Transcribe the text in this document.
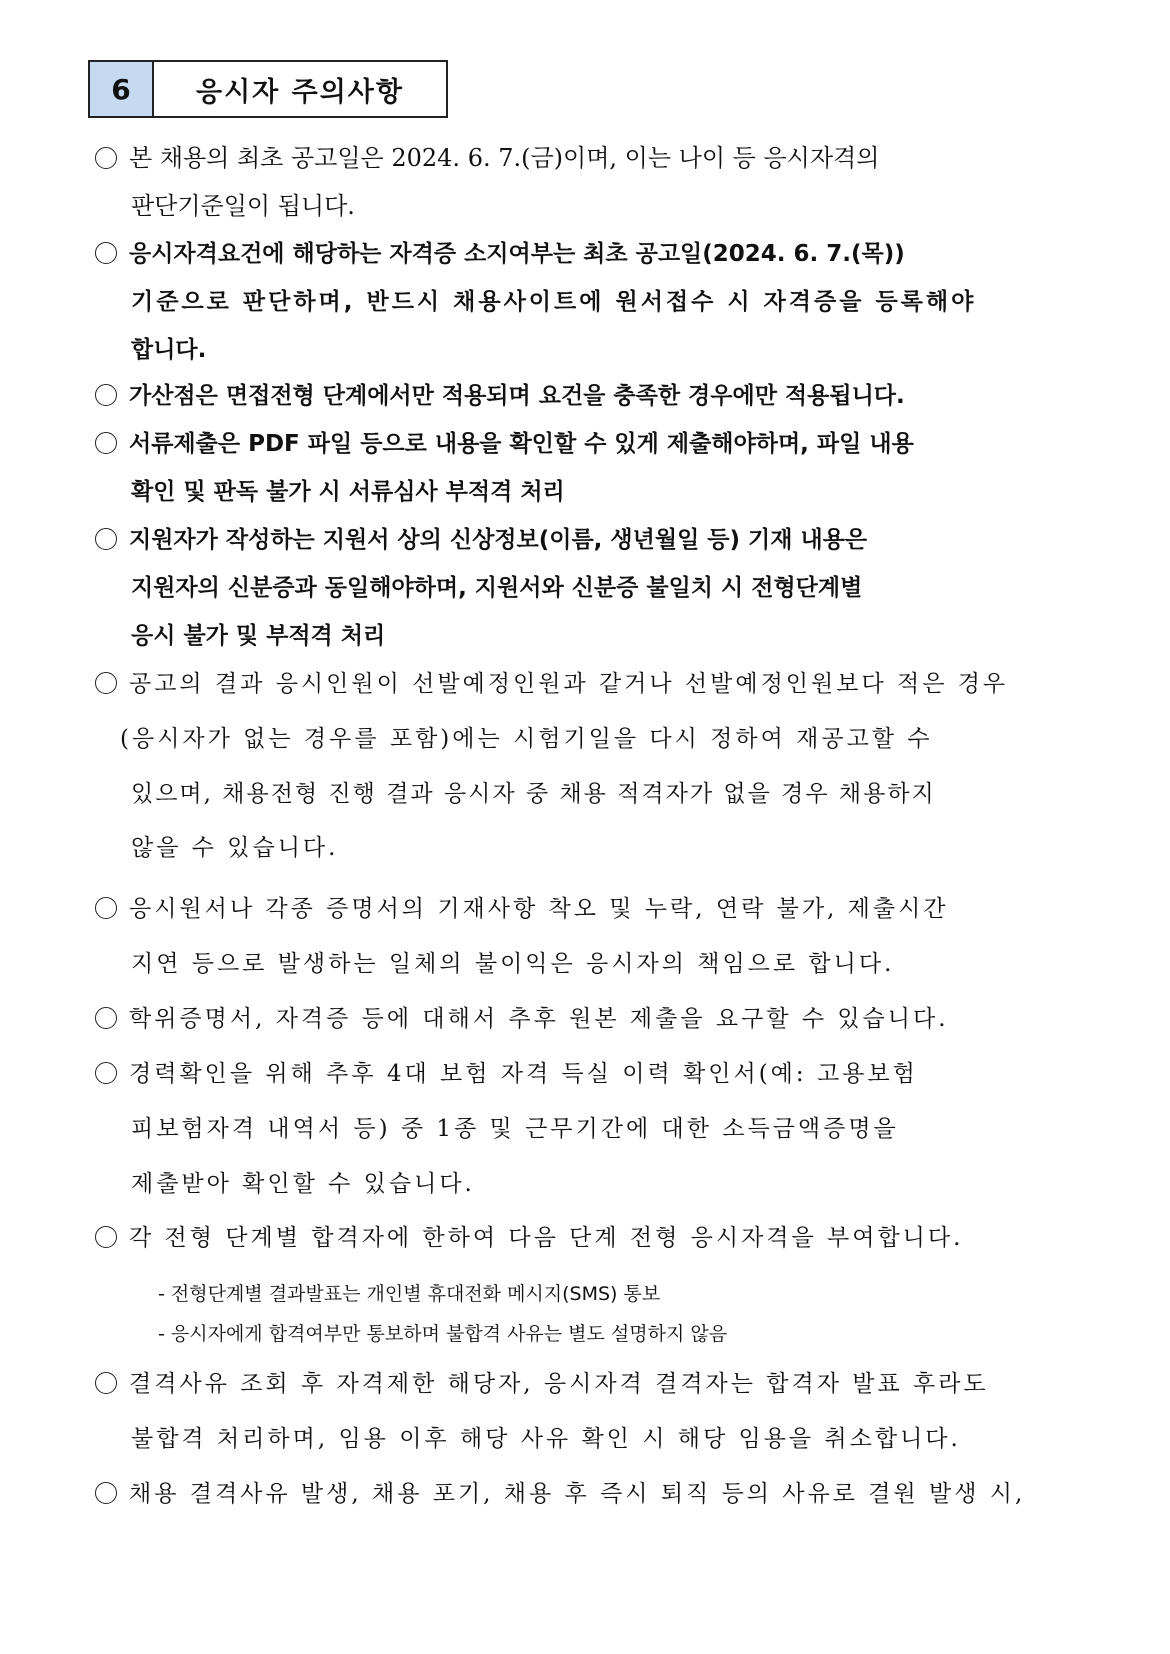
6	응시자 주의사항
본 채용의 최초 공고일은 2024. 6. 7.(금)이며, 이는 나이 등 응시자격의
판단기준일이 됩니다.
응시자격요건에 해당하는 자격증 소지여부는 최초 공고일(2024. 6. 7.(목))
기준으로 판단하며, 반드시 채용사이트에 원서접수 시 자격증을 등록해야
합니다.
가산점은 면접전형 단계에서만 적용되며 요건을 충족한 경우에만 적용됩니다.
서류제출은 PDF 파일 등으로 내용을 확인할 수 있게 제출해야하며, 파일 내용
확인 및 판독 불가 시 서류심사 부적격 처리
지원자가 작성하는 지원서 상의 신상정보(이름, 생년월일 등) 기재 내용은
지원자의 신분증과 동일해야하며, 지원서와 신분증 불일치 시 전형단계별
응시 불가 및 부적격 처리
공고의 결과 응시인원이 선발예정인원과 같거나 선발예정인원보다 적은 경우
(응시자가 없는 경우를 포함)에는 시험기일을 다시 정하여 재공고할 수
있으며, 채용전형 진행 결과 응시자 중 채용 적격자가 없을 경우 채용하지
않을 수 있습니다.
응시원서나 각종 증명서의 기재사항 착오 및 누락, 연락 불가, 제출시간
지연 등으로 발생하는 일체의 불이익은 응시자의 책임으로 합니다.
학위증명서, 자격증 등에 대해서 추후 원본 제출을 요구할 수 있습니다.
경력확인을 위해 추후 4대 보험 자격 득실 이력 확인서(예: 고용보험
피보험자격 내역서 등) 중 1종 및 근무기간에 대한 소득금액증명을
제출받아 확인할 수 있습니다.
각 전형 단계별 합격자에 한하여 다음 단계 전형 응시자격을 부여합니다.
- 전형단계별 결과발표는 개인별 휴대전화 메시지(SMS) 통보
- 응시자에게 합격여부만 통보하며 불합격 사유는 별도 설명하지 않음
결격사유 조회 후 자격제한 해당자, 응시자격 결격자는 합격자 발표 후라도
불합격 처리하며, 임용 이후 해당 사유 확인 시 해당 임용을 취소합니다.
채용 결격사유 발생, 채용 포기, 채용 후 즉시 퇴직 등의 사유로 결원 발생 시,
